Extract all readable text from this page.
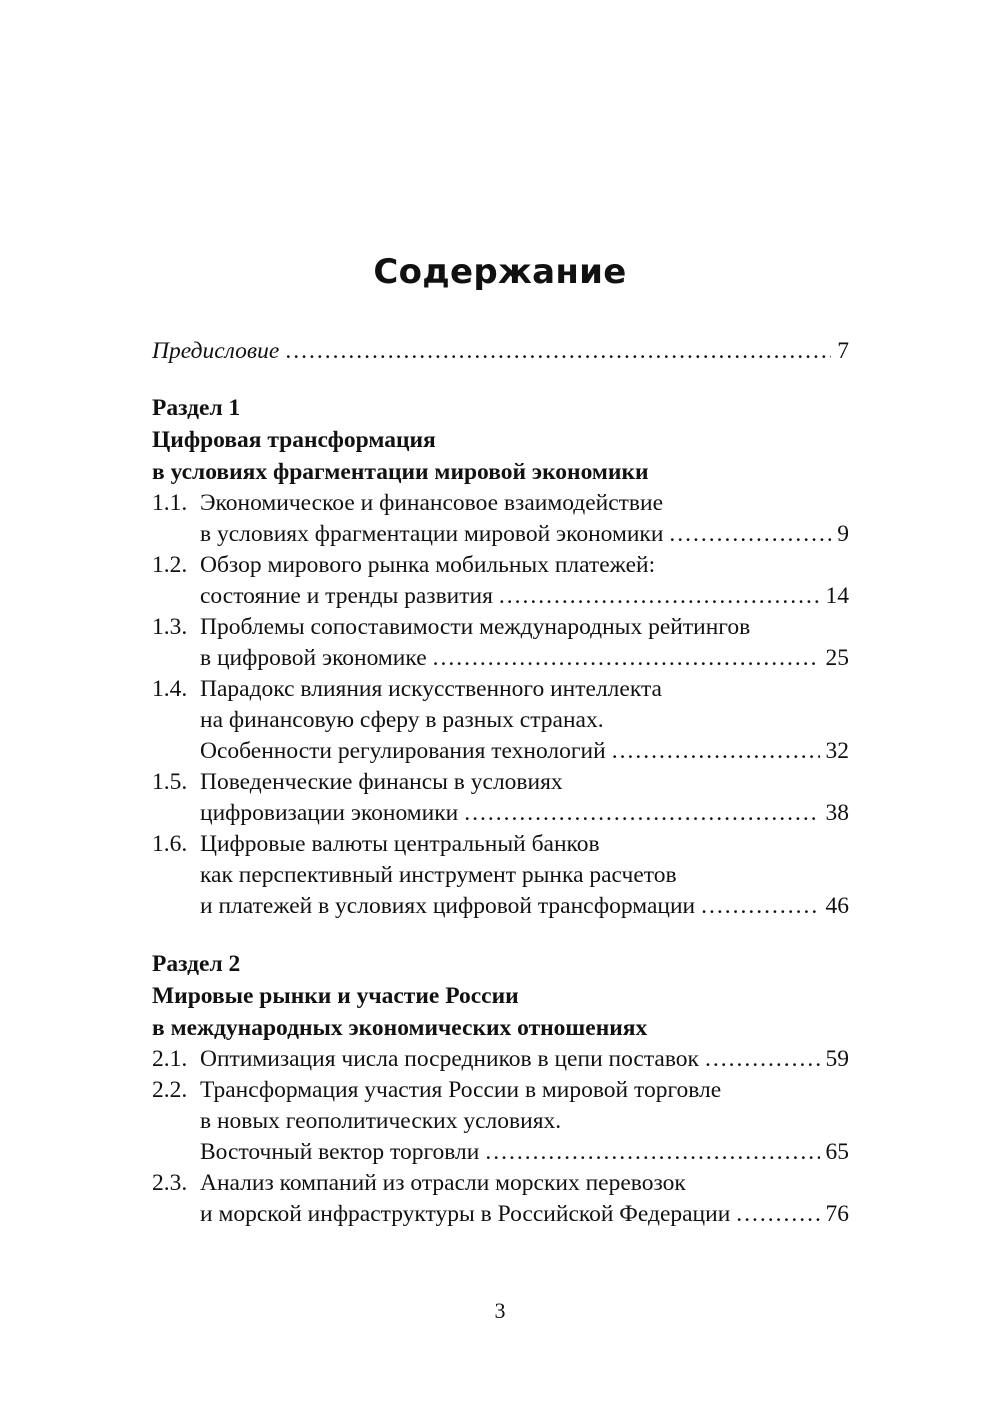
Содержание
Предисловие .....	7
Раздел 1
Цифровая трансформация
в условиях фрагментации мировой экономики
1.1. Экономическое и финансовое взаимодействие
в условиях фрагментации мировой экономики .....	9
1.2. Обзор мирового рынка мобильных платежей:
состояние и тренды развития .....	14
1.3. Проблемы сопоставимости международных рейтингов
в цифровой экономике .....	25
1.4. Парадокс влияния искусственного интеллекта
на финансовую сферу в разных странах.
Особенности регулирования технологий .....	32
1.5. Поведенческие финансы в условиях
цифровизации экономики .....	38
1.6. Цифровые валюты центральный банков
как перспективный инструмент рынка расчетов
и платежей в условиях цифровой трансформации .....	46
Раздел 2
Мировые рынки и участие России
в международных экономических отношениях
2.1. Оптимизация числа посредников в цепи поставок .....	59
2.2. Трансформация участия России в мировой торговле
в новых геополитических условиях.
Восточный вектор торговли .....	65
2.3. Анализ компаний из отрасли морских перевозок
и морской инфраструктуры в Российской Федерации .....	76
3
